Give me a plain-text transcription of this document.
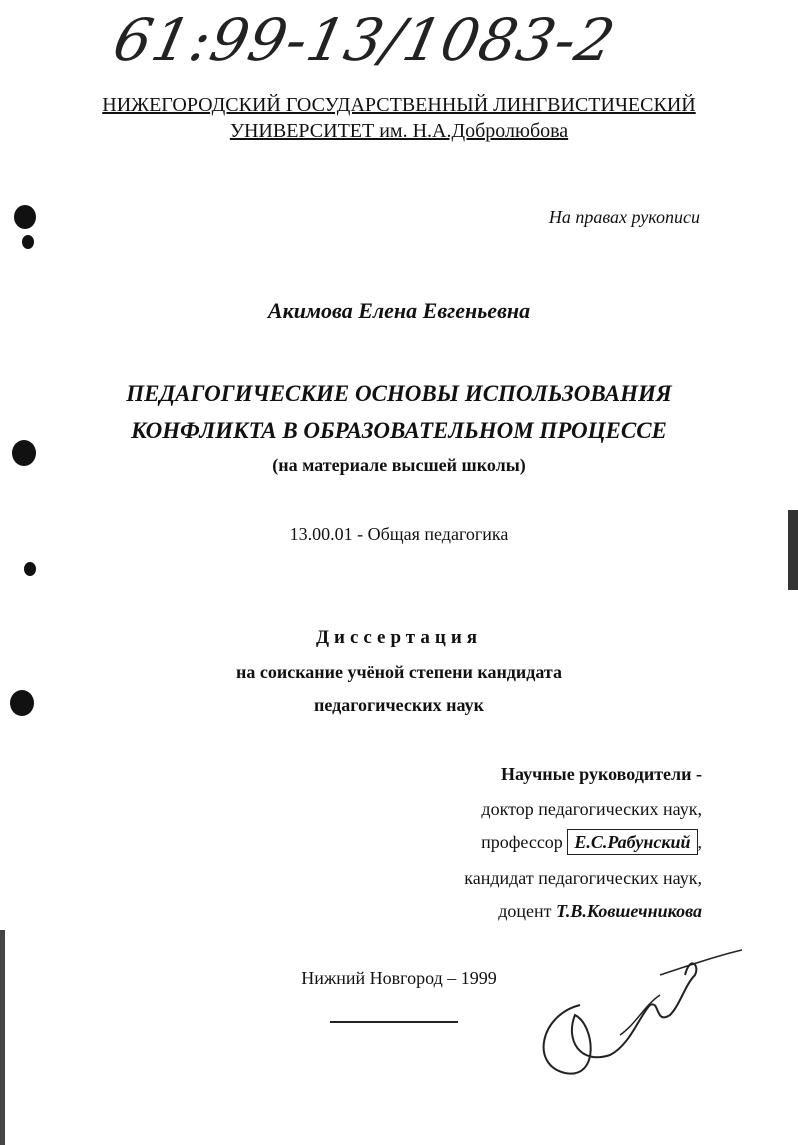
61:99-13/1083-2
НИЖЕГОРОДСКИЙ ГОСУДАРСТВЕННЫЙ ЛИНГВИСТИЧЕСКИЙ
УНИВЕРСИТЕТ им. Н.А.Добролюбова
На правах рукописи
Акимова Елена Евгеньевна
ПЕДАГОГИЧЕСКИЕ ОСНОВЫ ИСПОЛЬЗОВАНИЯ
КОНФЛИКТА В ОБРАЗОВАТЕЛЬНОМ ПРОЦЕССЕ
(на материале высшей школы)
13.00.01 - Общая педагогика
Диссертация
на соискание учёной степени кандидата
педагогических наук
Научные руководители -
доктор педагогических наук,
профессор Е.С.Рабунский ,
кандидат педагогических наук,
доцент Т.В.Ковшечникова
Нижний Новгород – 1999
